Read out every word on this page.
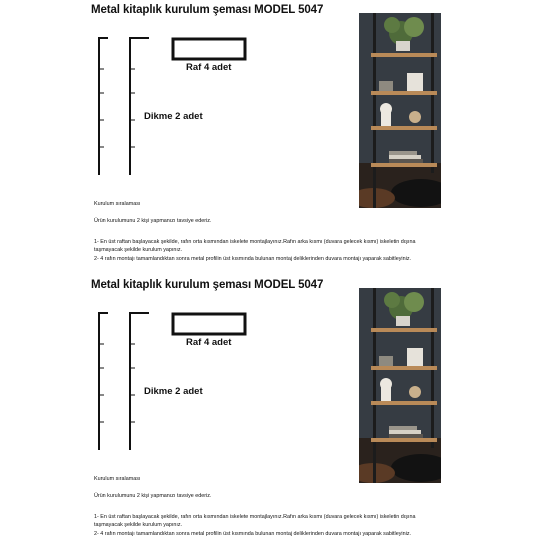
Metal kitaplık kurulum şeması MODEL 5047
Raf 4 adet
Dikme 2 adet
Kurulum sıralaması
Ürün kurulumunu 2 kişi yapmanızı tavsiye ederiz.
1- En üst raftan başlayacak şekilde, rafın orta kısmından iskelete montajlayınız.Rafın arka kısmı (duvara gelecek kısmı) iskeletin dışına
taşmayacak şekilde kurulum yapınız.
2- 4 rafın montajı tamamlandıktan sonra metal profilin üst kısmında bulunan montaj deliklerinden duvara montajı yaparak sabitleyiniz.
Metal kitaplık kurulum şeması MODEL 5047
Raf 4 adet
Dikme 2 adet
Kurulum sıralaması
Ürün kurulumunu 2 kişi yapmanızı tavsiye ederiz.
1- En üst raftan başlayacak şekilde, rafın orta kısmından iskelete montajlayınız.Rafın arka kısmı (duvara gelecek kısmı) iskeletin dışına
taşmayacak şekilde kurulum yapınız.
2- 4 rafın montajı tamamlandıktan sonra metal profilin üst kısmında bulunan montaj deliklerinden duvara montajı yaparak sabitleyiniz.
